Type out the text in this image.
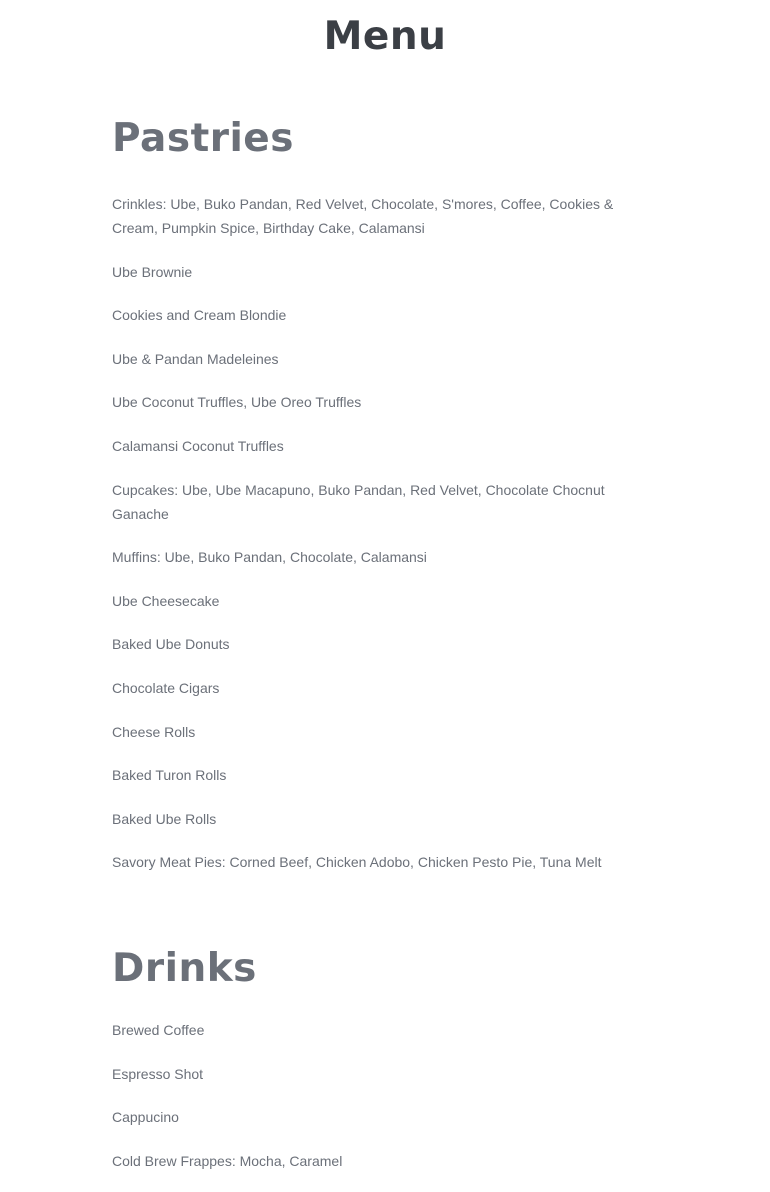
Menu
Pastries
Crinkles: Ube, Buko Pandan, Red Velvet, Chocolate, S'mores, Coffee, Cookies & Cream, Pumpkin Spice, Birthday Cake, Calamansi
Ube Brownie
Cookies and Cream Blondie
Ube & Pandan Madeleines
Ube Coconut Truffles, Ube Oreo Truffles
Calamansi Coconut Truffles
Cupcakes: Ube, Ube Macapuno, Buko Pandan, Red Velvet, Chocolate Chocnut Ganache
Muffins: Ube, Buko Pandan, Chocolate, Calamansi
Ube Cheesecake
Baked Ube Donuts
Chocolate Cigars
Cheese Rolls
Baked Turon Rolls
Baked Ube Rolls
Savory Meat Pies: Corned Beef, Chicken Adobo, Chicken Pesto Pie, Tuna Melt
Drinks
Brewed Coffee
Espresso Shot
Cappucino
Cold Brew Frappes: Mocha, Caramel
